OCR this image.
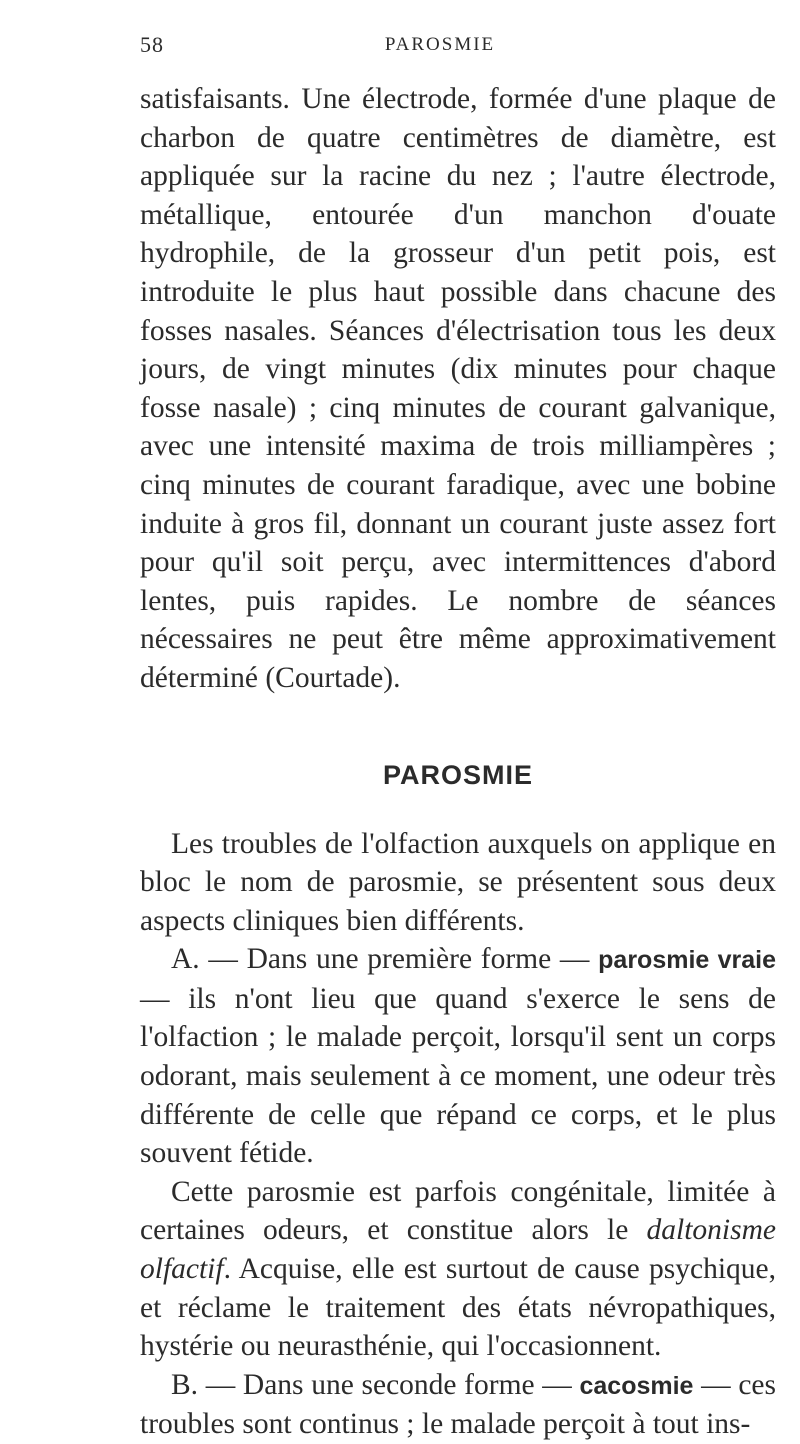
58	PAROSMIE

satisfaisants. Une électrode, formée d'une plaque de charbon de quatre centimètres de diamètre, est appliquée sur la racine du nez ; l'autre électrode, métallique, entourée d'un manchon d'ouate hydrophile, de la grosseur d'un petit pois, est introduite le plus haut possible dans chacune des fosses nasales. Séances d'électrisation tous les deux jours, de vingt minutes (dix minutes pour chaque fosse nasale) ; cinq minutes de courant galvanique, avec une intensité maxima de trois milliampères ; cinq minutes de courant faradique, avec une bobine induite à gros fil, donnant un courant juste assez fort pour qu'il soit perçu, avec intermittences d'abord lentes, puis rapides. Le nombre de séances nécessaires ne peut être même approximativement déterminé (Courtade).

PAROSMIE

Les troubles de l'olfaction auxquels on applique en bloc le nom de parosmie, se présentent sous deux aspects cliniques bien différents.

A. — Dans une première forme — parosmie vraie — ils n'ont lieu que quand s'exerce le sens de l'olfaction ; le malade perçoit, lorsqu'il sent un corps odorant, mais seulement à ce moment, une odeur très différente de celle que répand ce corps, et le plus souvent fétide.

Cette parosmie est parfois congénitale, limitée à certaines odeurs, et constitue alors le daltonisme olfactif. Acquise, elle est surtout de cause psychique, et réclame le traitement des états névropathiques, hystérie ou neurasthénie, qui l'occasionnent.

B. — Dans une seconde forme — cacosmie — ces troubles sont continus ; le malade perçoit à tout ins-
